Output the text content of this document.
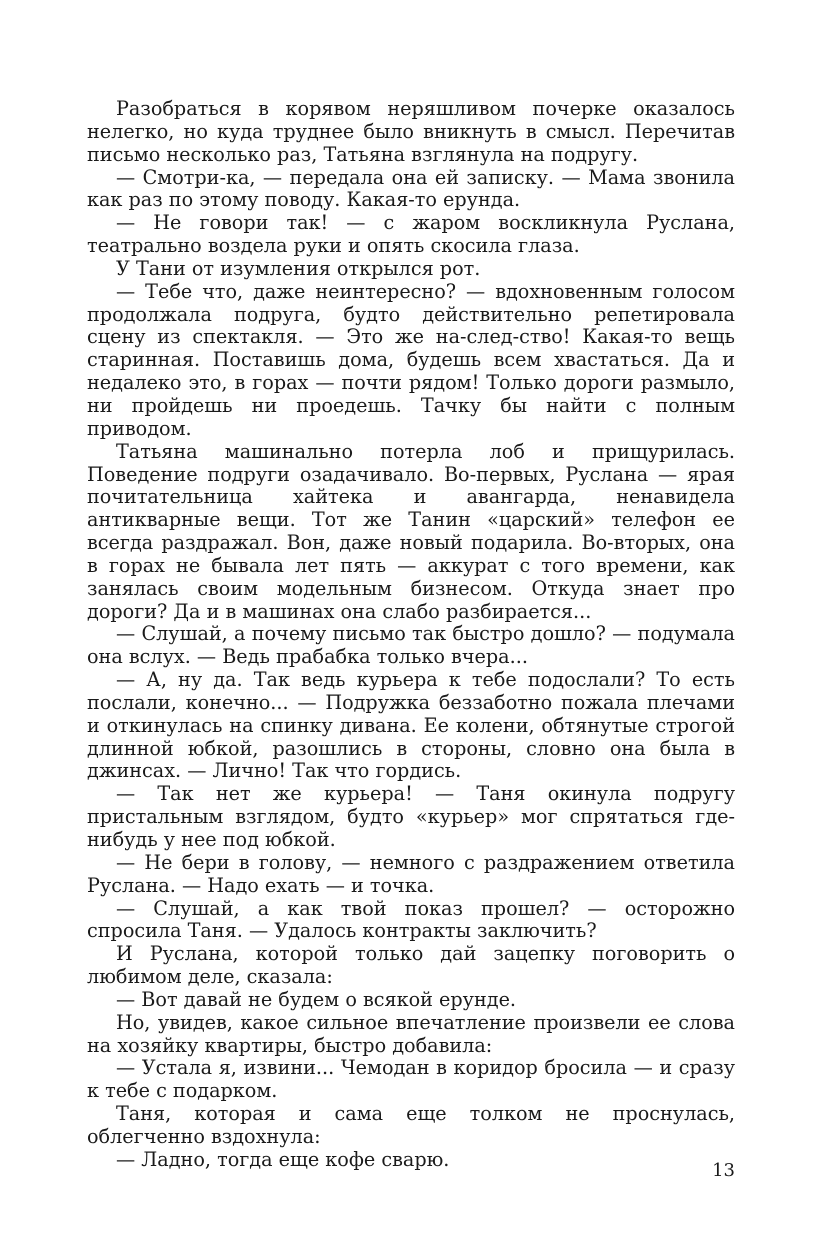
Разобраться в корявом неряшливом почерке оказалось нелегко, но куда труднее было вникнуть в смысл. Перечитав письмо несколько раз, Татьяна взглянула на подругу.

— Смотри-ка, — передала она ей записку. — Мама звонила как раз по этому поводу. Какая-то ерунда.

— Не говори так! — с жаром воскликнула Руслана, театрально воздела руки и опять скосила глаза.

У Тани от изумления открылся рот.

— Тебе что, даже неинтересно? — вдохновенным голосом продолжала подруга, будто действительно репетировала сцену из спектакля. — Это же на-след-ство! Какая-то вещь старинная. Поставишь дома, будешь всем хвастаться. Да и недалеко это, в горах — почти рядом! Только дороги размыло, ни пройдешь ни проедешь. Тачку бы найти с полным приводом.

Татьяна машинально потерла лоб и прищурилась. Поведение подруги озадачивало. Во-первых, Руслана — ярая почитательница хайтека и авангарда, ненавидела антикварные вещи. Тот же Танин «царский» телефон ее всегда раздражал. Вон, даже новый подарила. Во-вторых, она в горах не бывала лет пять — аккурат с того времени, как занялась своим модельным бизнесом. Откуда знает про дороги? Да и в машинах она слабо разбирается...

— Слушай, а почему письмо так быстро дошло? — подумала она вслух. — Ведь прабабка только вчера...

— А, ну да. Так ведь курьера к тебе подослали? То есть послали, конечно... — Подружка беззаботно пожала плечами и откинулась на спинку дивана. Ее колени, обтянутые строгой длинной юбкой, разошлись в стороны, словно она была в джинсах. — Лично! Так что гордись.

— Так нет же курьера! — Таня окинула подругу пристальным взглядом, будто «курьер» мог спрятаться где-нибудь у нее под юбкой.

— Не бери в голову, — немного с раздражением ответила Руслана. — Надо ехать — и точка.

— Слушай, а как твой показ прошел? — осторожно спросила Таня. — Удалось контракты заключить?

И Руслана, которой только дай зацепку поговорить о любимом деле, сказала:

— Вот давай не будем о всякой ерунде.

Но, увидев, какое сильное впечатление произвели ее слова на хозяйку квартиры, быстро добавила:

— Устала я, извини... Чемодан в коридор бросила — и сразу к тебе с подарком.

Таня, которая и сама еще толком не проснулась, облегченно вздохнула:

— Ладно, тогда еще кофе сварю.	13
